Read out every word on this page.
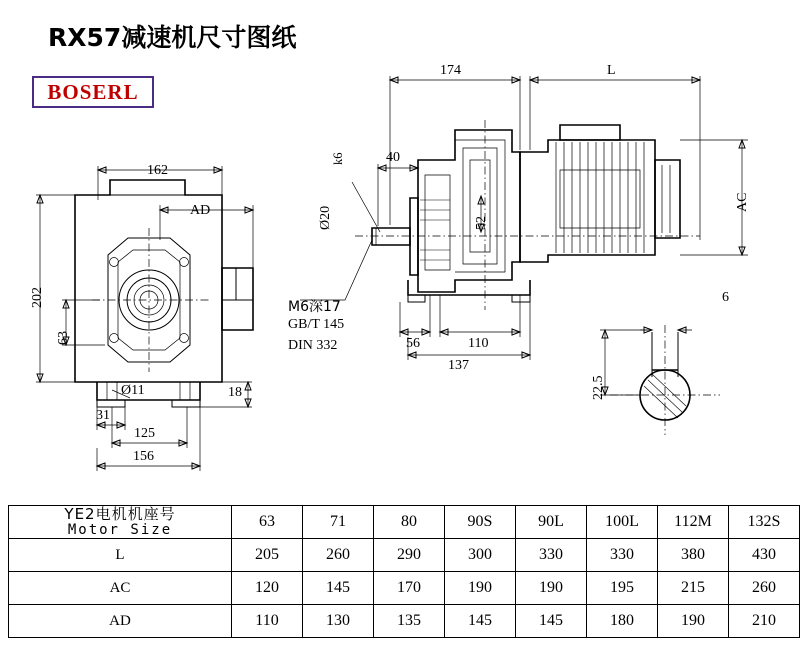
RX57减速机尺寸图纸
BOSERL
162
AD
202
63
31
125
156
18
Ø11
174	L
40
Ø20
k6
52
AC
56	110
137
M6深17
GB/T 145
DIN 332
6
22.5
YE2电机机座号
Motor Size	63	71	80	90S	90L	100L	112M	132S
L	205	260	290	300	330	330	380	430
AC	120	145	170	190	190	195	215	260
AD	110	130	135	145	145	180	190	210
